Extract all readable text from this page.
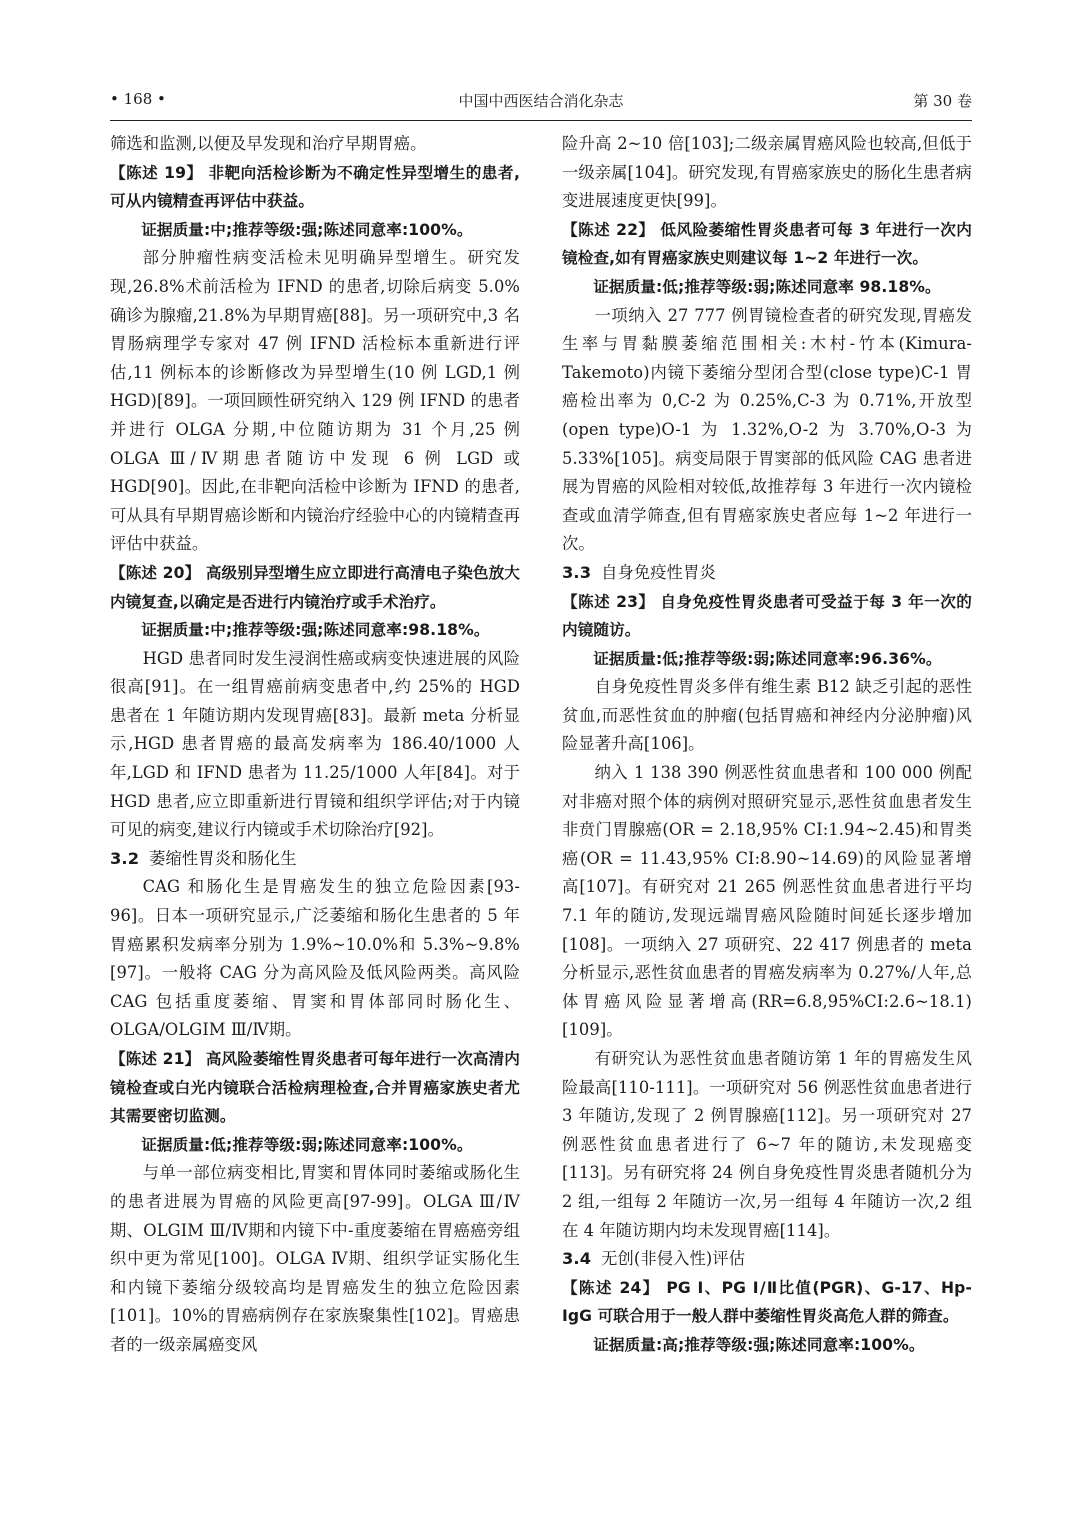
• 168 •	中国中西医结合消化杂志	第 30 卷

筛选和监测,以便及早发现和治疗早期胃癌。

【陈述 19】 非靶向活检诊断为不确定性异型增生的患者,可从内镜精查再评估中获益。

证据质量:中;推荐等级:强;陈述同意率:100%。

部分肿瘤性病变活检未见明确异型增生。研究发现,26.8%术前活检为 IFND 的患者,切除后病变 5.0%确诊为腺瘤,21.8%为早期胃癌[88]。另一项研究中,3 名胃肠病理学专家对 47 例 IFND 活检标本重新进行评估,11 例标本的诊断修改为异型增生(10 例 LGD,1 例 HGD)[89]。一项回顾性研究纳入 129 例 IFND 的患者并进行 OLGA 分期,中位随访期为 31 个月,25 例 OLGA Ⅲ/Ⅳ期患者随访中发现 6 例 LGD 或 HGD[90]。因此,在非靶向活检中诊断为 IFND 的患者,可从具有早期胃癌诊断和内镜治疗经验中心的内镜精查再评估中获益。

【陈述 20】 高级别异型增生应立即进行高清电子染色放大内镜复查,以确定是否进行内镜治疗或手术治疗。

证据质量:中;推荐等级:强;陈述同意率:98.18%。

HGD 患者同时发生浸润性癌或病变快速进展的风险很高[91]。在一组胃癌前病变患者中,约 25%的 HGD 患者在 1 年随访期内发现胃癌[83]。最新 meta 分析显示,HGD 患者胃癌的最高发病率为 186.40/1000 人年,LGD 和 IFND 患者为 11.25/1000 人年[84]。对于 HGD 患者,应立即重新进行胃镜和组织学评估;对于内镜可见的病变,建议行内镜或手术切除治疗[92]。

3.2 萎缩性胃炎和肠化生

CAG 和肠化生是胃癌发生的独立危险因素[93-96]。日本一项研究显示,广泛萎缩和肠化生患者的 5 年胃癌累积发病率分别为 1.9%~10.0%和 5.3%~9.8%[97]。一般将 CAG 分为高风险及低风险两类。高风险 CAG 包括重度萎缩、胃窦和胃体部同时肠化生、OLGA/OLGIM Ⅲ/Ⅳ期。

【陈述 21】 高风险萎缩性胃炎患者可每年进行一次高清内镜检查或白光内镜联合活检病理检查,合并胃癌家族史者尤其需要密切监测。

证据质量:低;推荐等级:弱;陈述同意率:100%。

与单一部位病变相比,胃窦和胃体同时萎缩或肠化生的患者进展为胃癌的风险更高[97-99]。OLGA Ⅲ/Ⅳ期、OLGIM Ⅲ/Ⅳ期和内镜下中-重度萎缩在胃癌癌旁组织中更为常见[100]。OLGA Ⅳ期、组织学证实肠化生和内镜下萎缩分级较高均是胃癌发生的独立危险因素[101]。10%的胃癌病例存在家族聚集性[102]。胃癌患者的一级亲属癌变风

险升高 2~10 倍[103];二级亲属胃癌风险也较高,但低于一级亲属[104]。研究发现,有胃癌家族史的肠化生患者病变进展速度更快[99]。

【陈述 22】 低风险萎缩性胃炎患者可每 3 年进行一次内镜检查,如有胃癌家族史则建议每 1~2 年进行一次。

证据质量:低;推荐等级:弱;陈述同意率 98.18%。

一项纳入 27 777 例胃镜检查者的研究发现,胃癌发生率与胃黏膜萎缩范围相关:木村-竹本(Kimura-Takemoto)内镜下萎缩分型闭合型(close type)C-1 胃癌检出率为 0,C-2 为 0.25%,C-3 为 0.71%,开放型(open type)O-1 为 1.32%,O-2 为 3.70%,O-3 为 5.33%[105]。病变局限于胃窦部的低风险 CAG 患者进展为胃癌的风险相对较低,故推荐每 3 年进行一次内镜检查或血清学筛查,但有胃癌家族史者应每 1~2 年进行一次。

3.3 自身免疫性胃炎

【陈述 23】 自身免疫性胃炎患者可受益于每 3 年一次的内镜随访。

证据质量:低;推荐等级:弱;陈述同意率:96.36%。

自身免疫性胃炎多伴有维生素 B12 缺乏引起的恶性贫血,而恶性贫血的肿瘤(包括胃癌和神经内分泌肿瘤)风险显著升高[106]。

纳入 1 138 390 例恶性贫血患者和 100 000 例配对非癌对照个体的病例对照研究显示,恶性贫血患者发生非贲门胃腺癌(OR = 2.18,95% CI:1.94~2.45)和胃类癌(OR = 11.43,95% CI:8.90~14.69)的风险显著增高[107]。有研究对 21 265 例恶性贫血患者进行平均 7.1 年的随访,发现远端胃癌风险随时间延长逐步增加[108]。一项纳入 27 项研究、22 417 例患者的 meta 分析显示,恶性贫血患者的胃癌发病率为 0.27%/人年,总体胃癌风险显著增高(RR=6.8,95%CI:2.6~18.1)[109]。

有研究认为恶性贫血患者随访第 1 年的胃癌发生风险最高[110-111]。一项研究对 56 例恶性贫血患者进行 3 年随访,发现了 2 例胃腺癌[112]。另一项研究对 27 例恶性贫血患者进行了 6~7 年的随访,未发现癌变[113]。另有研究将 24 例自身免疫性胃炎患者随机分为 2 组,一组每 2 年随访一次,另一组每 4 年随访一次,2 组在 4 年随访期内均未发现胃癌[114]。

3.4 无创(非侵入性)评估

【陈述 24】 PG Ⅰ、PG Ⅰ/Ⅱ比值(PGR)、G-17、Hp-IgG 可联合用于一般人群中萎缩性胃炎高危人群的筛查。

证据质量:高;推荐等级:强;陈述同意率:100%。
